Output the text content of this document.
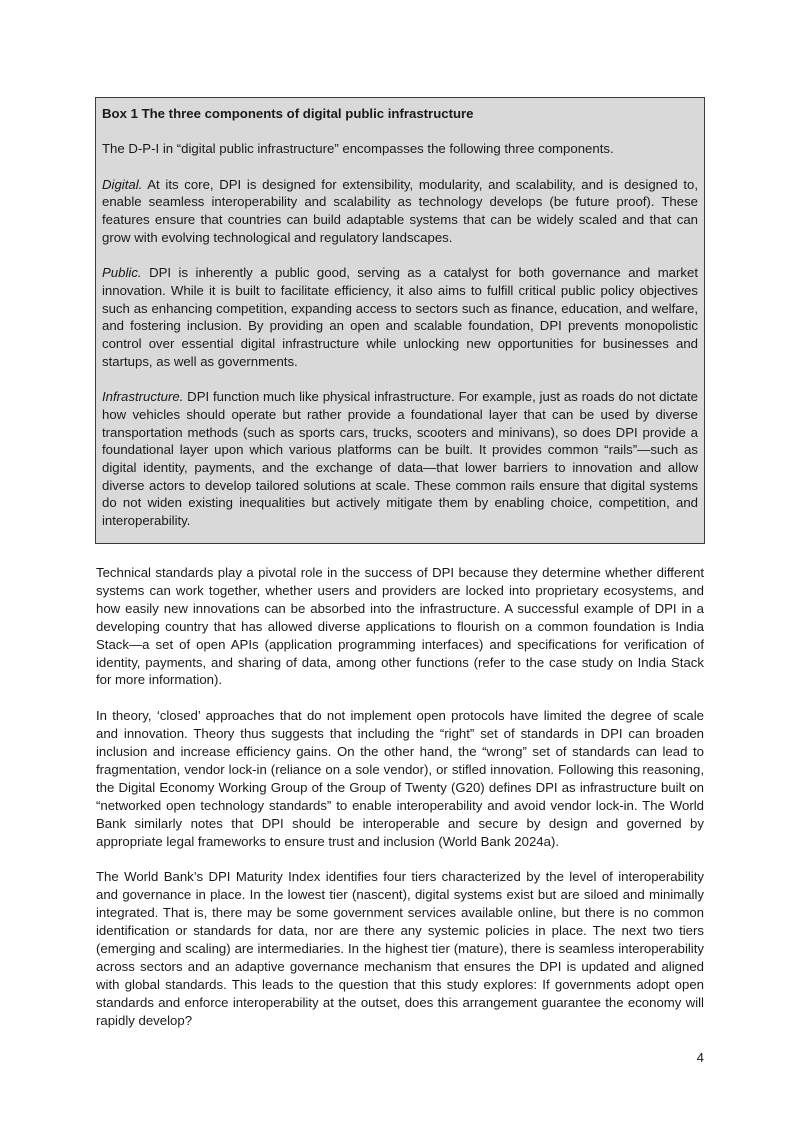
Box 1 The three components of digital public infrastructure

The D-P-I in “digital public infrastructure” encompasses the following three components.

Digital. At its core, DPI is designed for extensibility, modularity, and scalability, and is designed to, enable seamless interoperability and scalability as technology develops (be future proof). These features ensure that countries can build adaptable systems that can be widely scaled and that can grow with evolving technological and regulatory landscapes.

Public. DPI is inherently a public good, serving as a catalyst for both governance and market innovation. While it is built to facilitate efficiency, it also aims to fulfill critical public policy objectives such as enhancing competition, expanding access to sectors such as finance, education, and welfare, and fostering inclusion. By providing an open and scalable foundation, DPI prevents monopolistic control over essential digital infrastructure while unlocking new opportunities for businesses and startups, as well as governments.

Infrastructure. DPI function much like physical infrastructure. For example, just as roads do not dictate how vehicles should operate but rather provide a foundational layer that can be used by diverse transportation methods (such as sports cars, trucks, scooters and minivans), so does DPI provide a foundational layer upon which various platforms can be built. It provides common “rails”—such as digital identity, payments, and the exchange of data—that lower barriers to innovation and allow diverse actors to develop tailored solutions at scale. These common rails ensure that digital systems do not widen existing inequalities but actively mitigate them by enabling choice, competition, and interoperability.

Technical standards play a pivotal role in the success of DPI because they determine whether different systems can work together, whether users and providers are locked into proprietary ecosystems, and how easily new innovations can be absorbed into the infrastructure. A successful example of DPI in a developing country that has allowed diverse applications to flourish on a common foundation is India Stack—a set of open APIs (application programming interfaces) and specifications for verification of identity, payments, and sharing of data, among other functions (refer to the case study on India Stack for more information).

In theory, ‘closed’ approaches that do not implement open protocols have limited the degree of scale and innovation. Theory thus suggests that including the “right” set of standards in DPI can broaden inclusion and increase efficiency gains. On the other hand, the “wrong” set of standards can lead to fragmentation, vendor lock-in (reliance on a sole vendor), or stifled innovation. Following this reasoning, the Digital Economy Working Group of the Group of Twenty (G20) defines DPI as infrastructure built on “networked open technology standards” to enable interoperability and avoid vendor lock-in. The World Bank similarly notes that DPI should be interoperable and secure by design and governed by appropriate legal frameworks to ensure trust and inclusion (World Bank 2024a).

The World Bank’s DPI Maturity Index identifies four tiers characterized by the level of interoperability and governance in place. In the lowest tier (nascent), digital systems exist but are siloed and minimally integrated. That is, there may be some government services available online, but there is no common identification or standards for data, nor are there any systemic policies in place. The next two tiers (emerging and scaling) are intermediaries. In the highest tier (mature), there is seamless interoperability across sectors and an adaptive governance mechanism that ensures the DPI is updated and aligned with global standards. This leads to the question that this study explores: If governments adopt open standards and enforce interoperability at the outset, does this arrangement guarantee the economy will rapidly develop?

4
